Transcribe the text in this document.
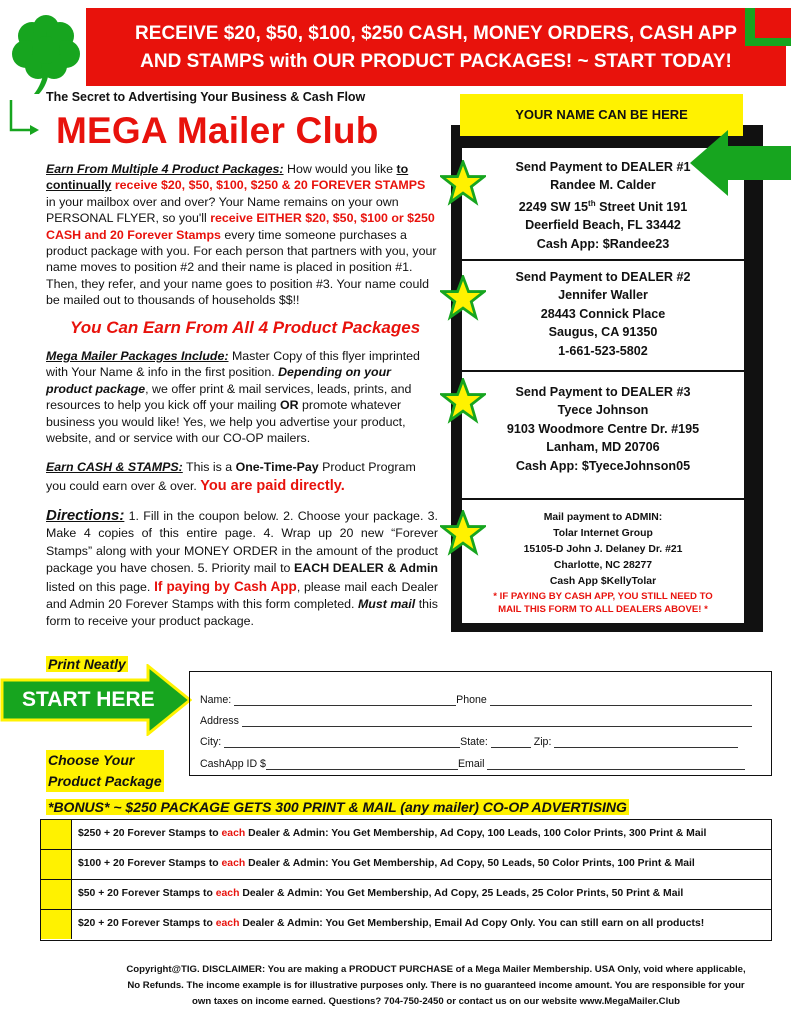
RECEIVE $20, $50, $100, $250 CASH, MONEY ORDERS, CASH APP
AND STAMPS with OUR PRODUCT PACKAGES! ~ START TODAY!
The Secret to Advertising Your Business & Cash Flow
MEGA Mailer Club
Earn From Multiple 4 Product Packages: How would you like to continually receive $20, $50, $100, $250 & 20 FOREVER STAMPS in your mailbox over and over? Your Name remains on your own PERSONAL FLYER, so you'll receive EITHER $20, $50, $100 or $250 CASH and 20 Forever Stamps every time someone purchases a product package with you. For each person that partners with you, your name moves to position #2 and their name is placed in position #1. Then, they refer, and your name goes to position #3. Your name could be mailed out to thousands of households $$!!
You Can Earn From All 4 Product Packages
Mega Mailer Packages Include: Master Copy of this flyer imprinted with Your Name & info in the first position. Depending on your product package, we offer print & mail services, leads, prints, and resources to help you kick off your mailing OR promote whatever business you would like! Yes, we help you advertise your product, website, and or service with our CO-OP mailers.
Earn CASH & STAMPS: This is a One-Time-Pay Product Program you could earn over & over. You are paid directly.
Directions: 1. Fill in the coupon below. 2. Choose your package. 3. Make 4 copies of this entire page. 4. Wrap up 20 new “Forever Stamps” along with your MONEY ORDER in the amount of the product package you have chosen. 5. Priority mail to EACH DEALER & Admin listed on this page. If paying by Cash App, please mail each Dealer and Admin 20 Forever Stamps with this form completed. Must mail this form to receive your product package.
YOUR NAME CAN BE HERE
Send Payment to DEALER #1
Randee M. Calder
2249 SW 15th Street Unit 191
Deerfield Beach, FL 33442
Cash App: $Randee23
Send Payment to DEALER #2
Jennifer Waller
28443 Connick Place
Saugus, CA 91350
1-661-523-5802
Send Payment to DEALER #3
Tyece Johnson
9103 Woodmore Centre Dr. #195
Lanham, MD 20706
Cash App: $TyeceJohnson05
Mail payment to ADMIN:
Tolar Internet Group
15105-D John J. Delaney Dr. #21
Charlotte, NC 28277
Cash App $KellyTolar
* IF PAYING BY CASH APP, YOU STILL NEED TO
MAIL THIS FORM TO ALL DEALERS ABOVE! *
Print Neatly
START HERE	Name:	Phone
Address
City:	State:	Zip:
CashApp ID $	Email
Choose Your
Product Package
*BONUS* ~ $250 PACKAGE GETS 300 PRINT & MAIL (any mailer) CO-OP ADVERTISING
$250 + 20 Forever Stamps to each Dealer & Admin: You Get Membership, Ad Copy, 100 Leads, 100 Color Prints, 300 Print & Mail
$100 + 20 Forever Stamps to each Dealer & Admin: You Get Membership, Ad Copy, 50 Leads, 50 Color Prints, 100 Print & Mail
$50 + 20 Forever Stamps to each Dealer & Admin: You Get Membership, Ad Copy, 25 Leads, 25 Color Prints, 50 Print & Mail
$20 + 20 Forever Stamps to each Dealer & Admin: You Get Membership, Email Ad Copy Only. You can still earn on all products!
Copyright@TIG. DISCLAIMER: You are making a PRODUCT PURCHASE of a Mega Mailer Membership. USA Only, void where applicable,
No Refunds. The income example is for illustrative purposes only. There is no guaranteed income amount. You are responsible for your
own taxes on income earned. Questions? 704-750-2450 or contact us on our website www.MegaMailer.Club
